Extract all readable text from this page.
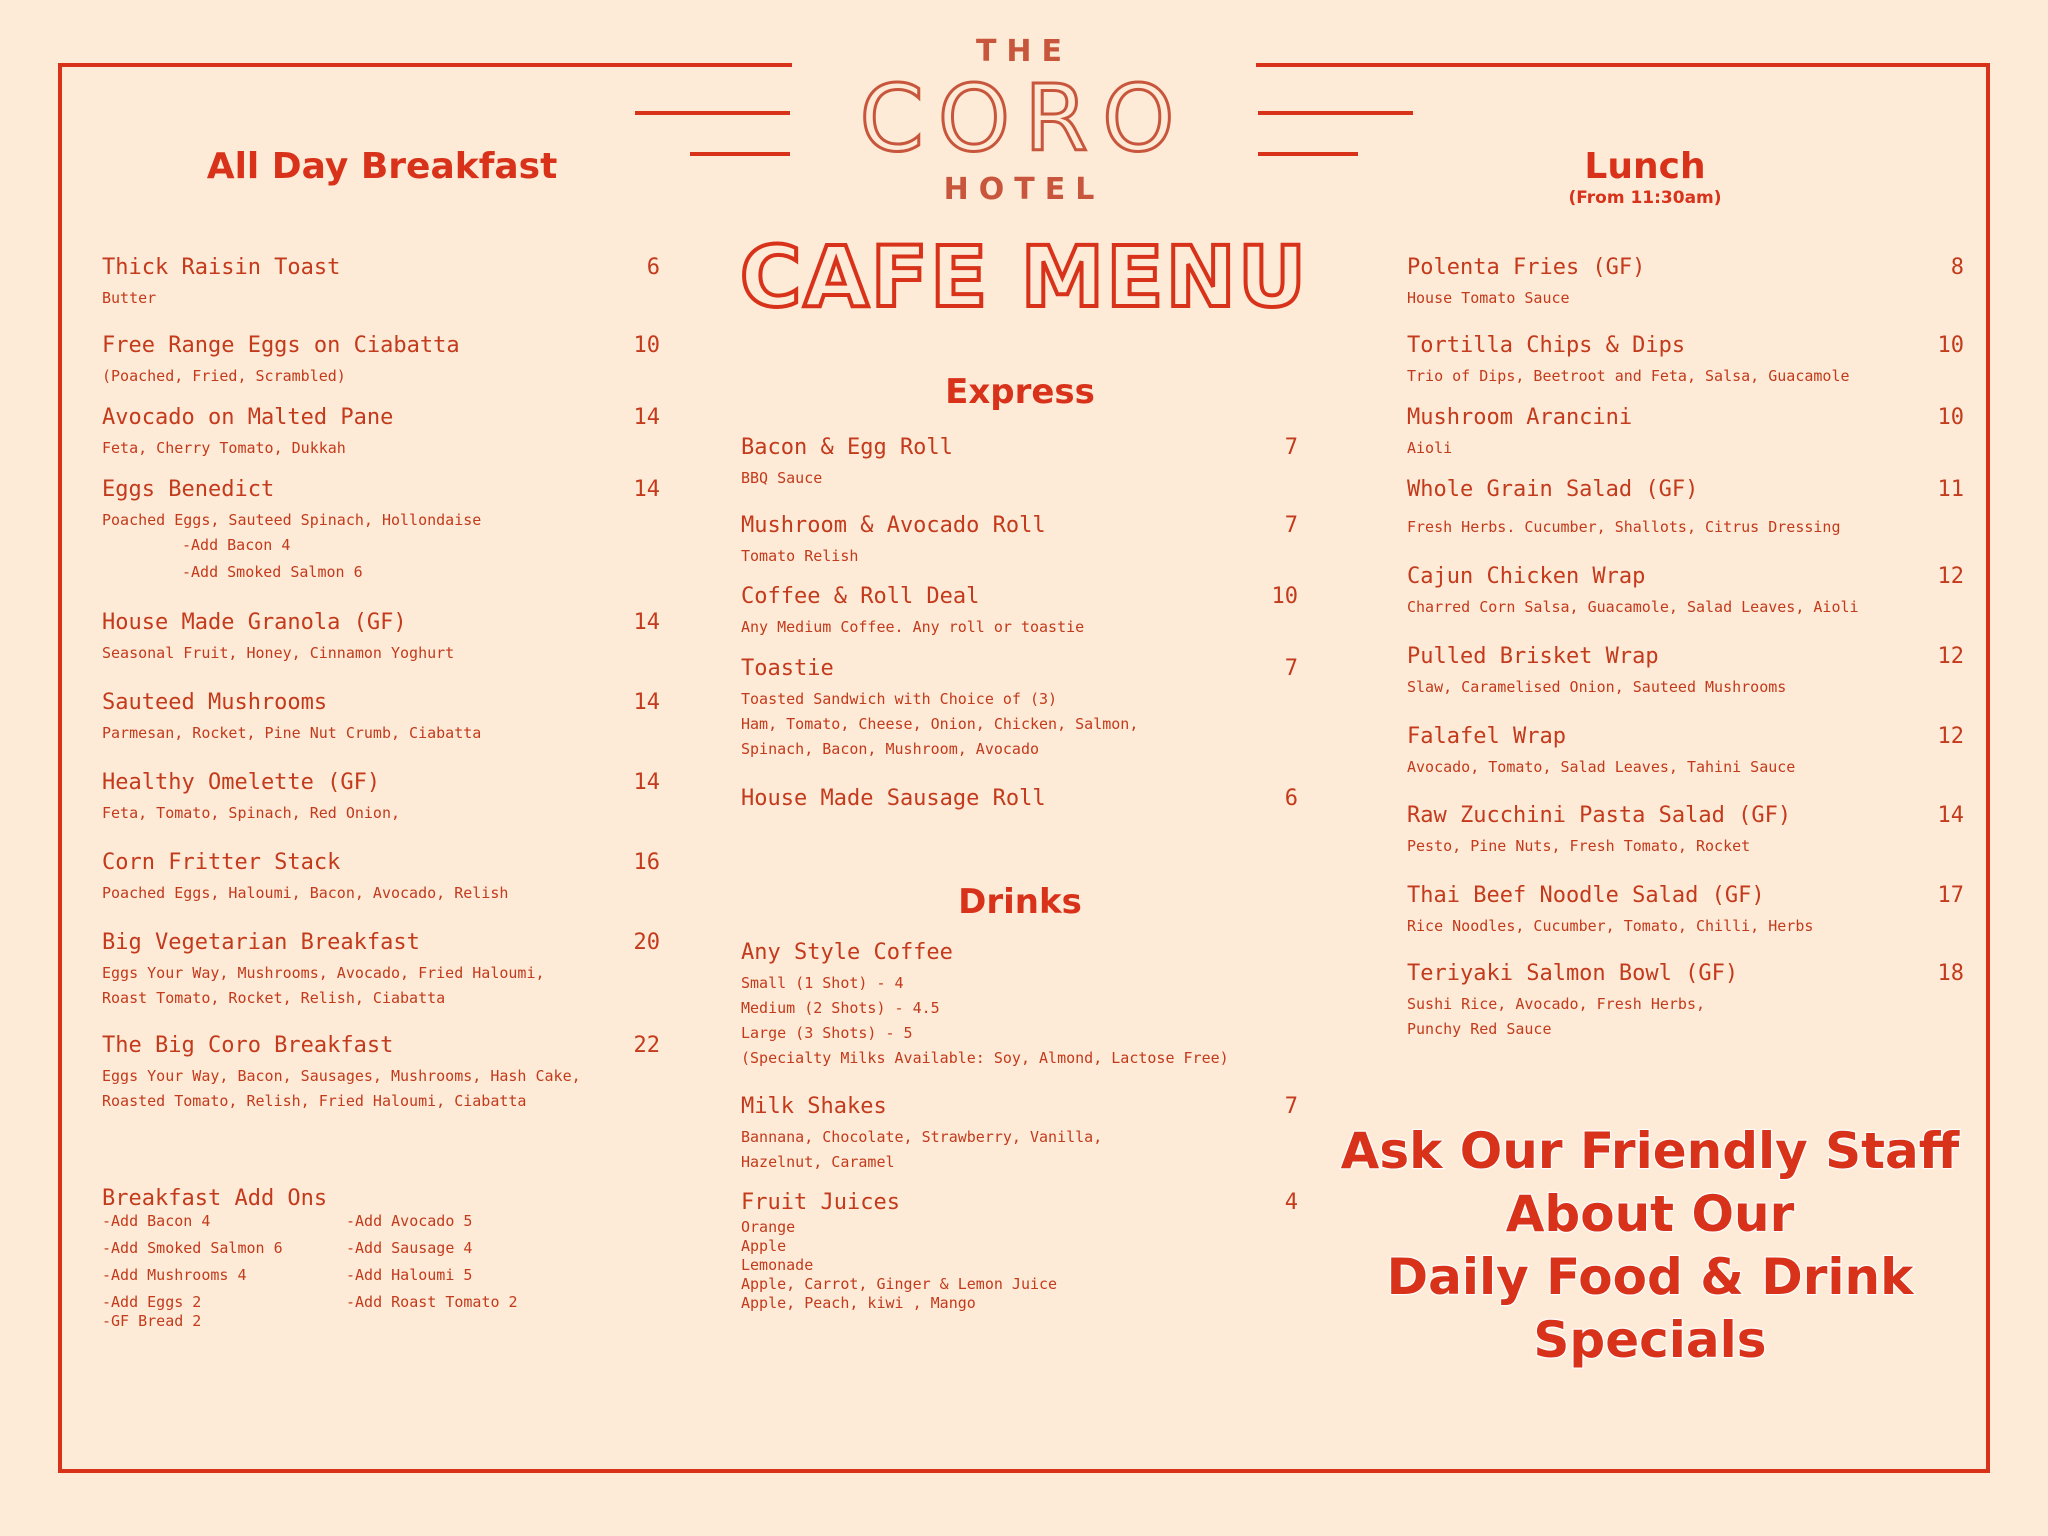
THE
CORO
HOTEL
CAFE MENU
All Day Breakfast
Express
Drinks
Lunch
(From 11:30am)
Thick Raisin Toast	6
Butter
Free Range Eggs on Ciabatta	10
(Poached, Fried, Scrambled)
Avocado on Malted Pane	14
Feta, Cherry Tomato, Dukkah
Eggs Benedict	14
Poached Eggs, Sauteed Spinach, Hollondaise
-Add Bacon 4
-Add Smoked Salmon 6
House Made Granola (GF)	14
Seasonal Fruit, Honey, Cinnamon Yoghurt
Sauteed Mushrooms	14
Parmesan, Rocket, Pine Nut Crumb, Ciabatta
Healthy Omelette (GF)	14
Feta, Tomato, Spinach, Red Onion,
Corn Fritter Stack	16
Poached Eggs, Haloumi, Bacon, Avocado, Relish
Big Vegetarian Breakfast	20
Eggs Your Way, Mushrooms, Avocado, Fried Haloumi,
Roast Tomato, Rocket, Relish, Ciabatta
The Big Coro Breakfast	22
Eggs Your Way, Bacon, Sausages, Mushrooms, Hash Cake,
Roasted Tomato, Relish, Fried Haloumi, Ciabatta
Breakfast Add Ons
-Add Bacon 4
-Add Smoked Salmon 6
-Add Mushrooms 4
-Add Eggs 2
-GF Bread 2
-Add Avocado 5
-Add Sausage 4
-Add Haloumi 5
-Add Roast Tomato 2
Bacon & Egg Roll	7
BBQ Sauce
Mushroom & Avocado Roll	7
Tomato Relish
Coffee & Roll Deal	10
Any Medium Coffee. Any roll or toastie
Toastie	7
Toasted Sandwich with Choice of (3)
Ham, Tomato, Cheese, Onion, Chicken, Salmon,
Spinach, Bacon, Mushroom, Avocado
House Made Sausage Roll	6
Any Style Coffee
Small (1 Shot) - 4
Medium (2 Shots) - 4.5
Large (3 Shots) - 5
(Specialty Milks Available: Soy, Almond, Lactose Free)
Milk Shakes	7
Bannana, Chocolate, Strawberry, Vanilla,
Hazelnut, Caramel
Fruit Juices	4
Orange
Apple
Lemonade
Apple, Carrot, Ginger & Lemon Juice
Apple, Peach, kiwi , Mango
Polenta Fries (GF)	8
House Tomato Sauce
Tortilla Chips & Dips	10
Trio of Dips, Beetroot and Feta, Salsa, Guacamole
Mushroom Arancini	10
Aioli
Whole Grain Salad (GF)	11
Fresh Herbs. Cucumber, Shallots, Citrus Dressing
Cajun Chicken Wrap	12
Charred Corn Salsa, Guacamole, Salad Leaves, Aioli
Pulled Brisket Wrap	12
Slaw, Caramelised Onion, Sauteed Mushrooms
Falafel Wrap	12
Avocado, Tomato, Salad Leaves, Tahini Sauce
Raw Zucchini Pasta Salad (GF)	14
Pesto, Pine Nuts, Fresh Tomato, Rocket
Thai Beef Noodle Salad (GF)	17
Rice Noodles, Cucumber, Tomato, Chilli, Herbs
Teriyaki Salmon Bowl (GF)	18
Sushi Rice, Avocado, Fresh Herbs,
Punchy Red Sauce
Ask Our Friendly Staff
About Our
Daily Food & Drink
Specials
